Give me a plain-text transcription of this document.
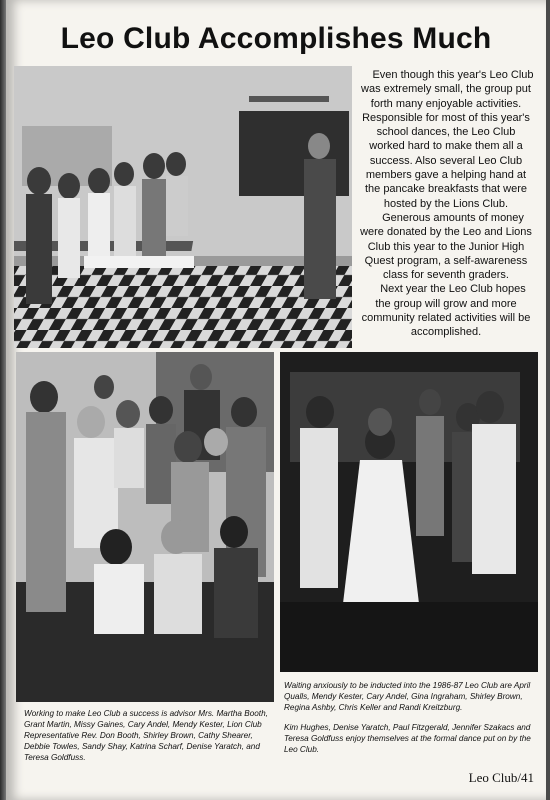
Leo Club Accomplishes Much

Even though this year's Leo Club was extremely small, the group put forth many enjoyable activities. Responsible for most of this year's school dances, the Leo Club worked hard to make them all a success. Also several Leo Club members gave a helping hand at the pancake breakfasts that were hosted by the Lions Club.

Generous amounts of money were donated by the Leo and Lions Club this year to the Junior High Quest program, a self-awareness class for seventh graders.

Next year the Leo Club hopes the group will grow and more community related activities will be accomplished.

Working to make Leo Club a success is advisor Mrs. Martha Booth, Grant Martin, Missy Gaines, Cary Andel, Mendy Kester, Lion Club Representative Rev. Don Booth, Shirley Brown, Cathy Shearer, Debbie Towles, Sandy Shay, Katrina Scharf, Denise Yaratch, and Teresa Goldfuss.
Waiting anxiously to be inducted into the 1986-87 Leo Club are April Qualls, Mendy Kester, Cary Andel, Gina Ingraham, Shirley Brown, Regina Ashby, Chris Keller and Randi Kreitzburg.
Kim Hughes, Denise Yaratch, Paul Fitzgerald, Jennifer Szakacs and Teresa Goldfuss enjoy themselves at the formal dance put on by the Leo Club.
Leo Club/41
